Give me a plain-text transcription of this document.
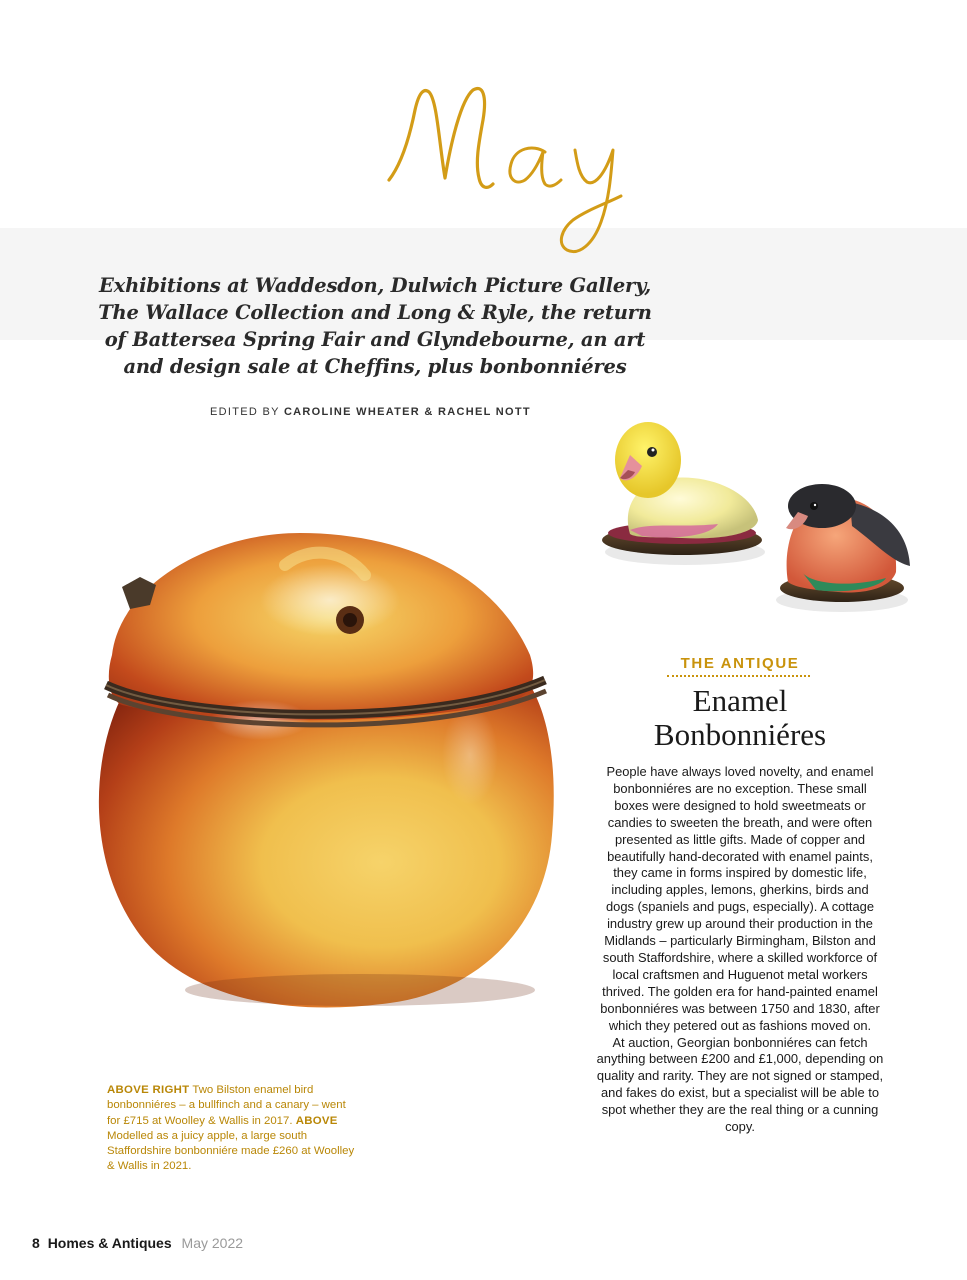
Exhibitions at Waddesdon, Dulwich Picture Gallery, The Wallace Collection and Long & Ryle, the return of Battersea Spring Fair and Glyndebourne, an art and design sale at Cheffins, plus bonbonniéres
EDITED BY CAROLINE WHEATER & RACHEL NOTT
ABOVE RIGHT Two Bilston enamel bird bonbonniéres – a bullfinch and a canary – went for £715 at Woolley & Wallis in 2017. ABOVE Modelled as a juicy apple, a large south Staffordshire bonbonniére made £260 at Woolley & Wallis in 2021.
THE ANTIQUE
Enamel
Bonbonniéres

People have always loved novelty, and enamel bonbonniéres are no exception. These small boxes were designed to hold sweetmeats or candies to sweeten the breath, and were often presented as little gifts. Made of copper and beautifully hand-decorated with enamel paints, they came in forms inspired by domestic life, including apples, lemons, gherkins, birds and dogs (spaniels and pugs, especially). A cottage industry grew up around their production in the Midlands – particularly Birmingham, Bilston and south Staffordshire, where a skilled workforce of local craftsmen and Huguenot metal workers thrived. The golden era for hand-painted enamel bonbonniéres was between 1750 and 1830, after which they petered out as fashions moved on.

At auction, Georgian bonbonniéres can fetch anything between £200 and £1,000, depending on quality and rarity. They are not signed or stamped, and fakes do exist, but a specialist will be able to spot whether they are the real thing or a cunning copy.

8 Homes & Antiques May 2022
